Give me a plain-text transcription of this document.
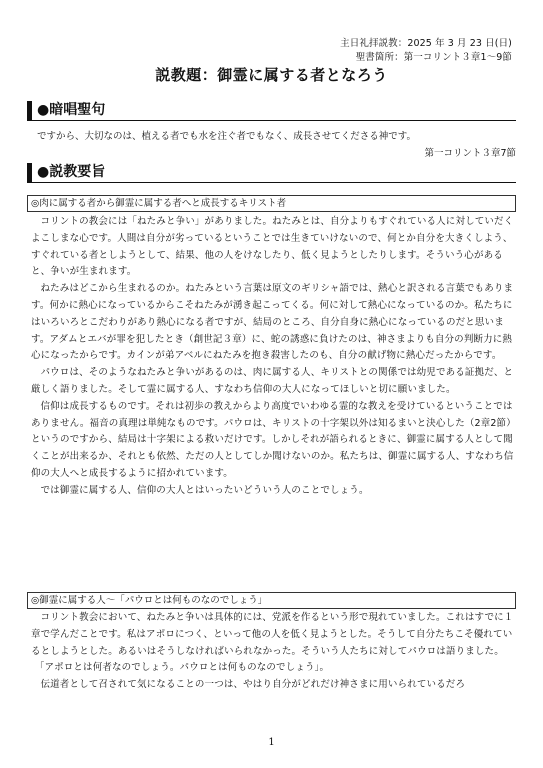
主日礼拝説教：2025 年 3 月 23 日(日)
聖書箇所：第一コリント３章1～9節
説教題：御霊に属する者となろう
●暗唱聖句
ですから、大切なのは、植える者でも水を注ぐ者でもなく、成長させてくださる神です。
第一コリント３章7節
●説教要旨
◎肉に属する者から御霊に属する者へと成長するキリスト者

コリントの教会には「ねたみと争い」がありました。ねたみとは、自分よりもすぐれている人に対していだくよこしまな心です。人間は自分が劣っているということでは生きていけないので、何とか自分を大きくしよう、すぐれている者としようとして、結果、他の人をけなしたり、低く見ようとしたりします。そういう心があると、争いが生まれます。

ねたみはどこから生まれるのか。ねたみという言葉は原文のギリシャ語では、熱心と訳される言葉でもあります。何かに熱心になっているからこそねたみが湧き起こってくる。何に対して熱心になっているのか。私たちにはいろいろとこだわりがあり熱心になる者ですが、結局のところ、自分自身に熱心になっているのだと思います。アダムとエバが罪を犯したとき（創世記３章）に、蛇の誘惑に負けたのは、神さまよりも自分の判断力に熱心になったからです。カインが弟アベルにねたみを抱き殺害したのも、自分の献げ物に熱心だったからです。

パウロは、そのようなねたみと争いがあるのは、肉に属する人、キリストとの関係では幼児である証拠だ、と厳しく語りました。そして霊に属する人、すなわち信仰の大人になってほしいと切に願いました。

信仰は成長するものです。それは初歩の教えからより高度でいわゆる霊的な教えを受けているということではありません。福音の真理は単純なものです。パウロは、キリストの十字架以外は知るまいと決心した（2章2節）というのですから、結局は十字架による救いだけです。しかしそれが語られるときに、御霊に属する人として聞くことが出来るか、それとも依然、ただの人としてしか聞けないのか。私たちは、御霊に属する人、すなわち信仰の大人へと成長するように招かれています。

では御霊に属する人、信仰の大人とはいったいどういう人のことでしょう。

◎御霊に属する人～「パウロとは何ものなのでしょう」

コリント教会において、ねたみと争いは具体的には、党派を作るという形で現れていました。これはすでに１章で学んだことです。私はアポロにつく、といって他の人を低く見ようとした。そうして自分たちこそ優れているとしようとした。あるいはそうしなければいられなかった。そういう人たちに対してパウロは語りました。

「アポロとは何者なのでしょう。パウロとは何ものなのでしょう」。

伝道者として召されて気になることの一つは、やはり自分がどれだけ神さまに用いられているだろ

1
